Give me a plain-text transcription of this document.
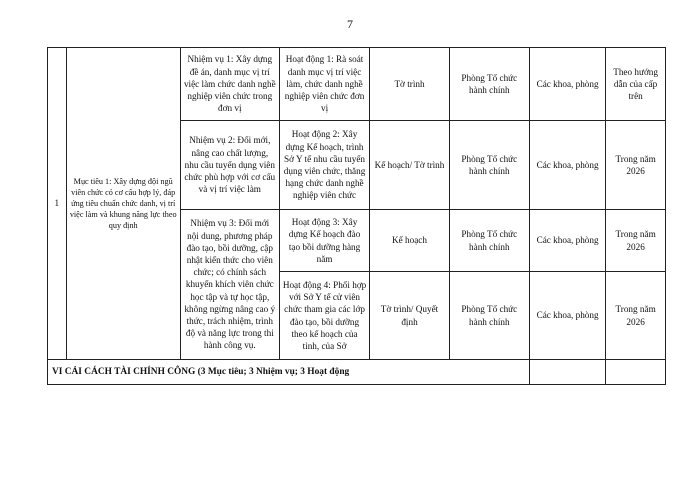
7
1	Mục tiêu 1: Xây dựng đội ngũ viên chức có cơ cấu hợp lý, đáp ứng tiêu chuẩn chức danh, vị trí việc làm và khung năng lực theo quy định	Nhiệm vụ 1: Xây dựng đề án, danh mục vị trí việc làm chức danh nghề nghiệp viên chức trong đơn vị	Hoạt động 1: Rà soát danh mục vị trí việc làm, chức danh nghề nghiệp viên chức đơn vị	Tờ trình	Phòng Tổ chức hành chính	Các khoa, phòng	Theo hướng dẫn của cấp trên
		Nhiệm vụ 2: Đổi mới, nâng cao chất lượng, nhu cầu tuyển dụng viên chức phù hợp với cơ cấu và vị trí việc làm	Hoạt động 2: Xây dựng Kế hoạch, trình Sở Y tế nhu cầu tuyển dụng viên chức, thăng hạng chức danh nghề nghiệp viên chức	Kế hoạch/ Tờ trình	Phòng Tổ chức hành chính	Các khoa, phòng	Trong năm 2026
		Nhiệm vụ 3: Đổi mới nội dung, phương pháp đào tạo, bồi dưỡng, cập nhật kiến thức cho viên chức; có chính sách khuyến khích viên chức học tập và tự học tập, không ngừng nâng cao ý thức, trách nhiệm, trình độ và năng lực trong thi hành công vụ.	Hoạt động 3: Xây dựng Kế hoạch đào tạo bồi dưỡng hàng năm	Kế hoạch	Phòng Tổ chức hành chính	Các khoa, phòng	Trong năm 2026
			Hoạt động 4: Phối hợp với Sở Y tế cử viên chức tham gia các lớp đào tạo, bồi dưỡng theo kế hoạch của tỉnh, của Sở	Tờ trình/ Quyết định	Phòng Tổ chức hành chính	Các khoa, phòng	Trong năm 2026
VI CẢI CÁCH TÀI CHÍNH CÔNG (3 Mục tiêu; 3 Nhiệm vụ; 3 Hoạt động							
